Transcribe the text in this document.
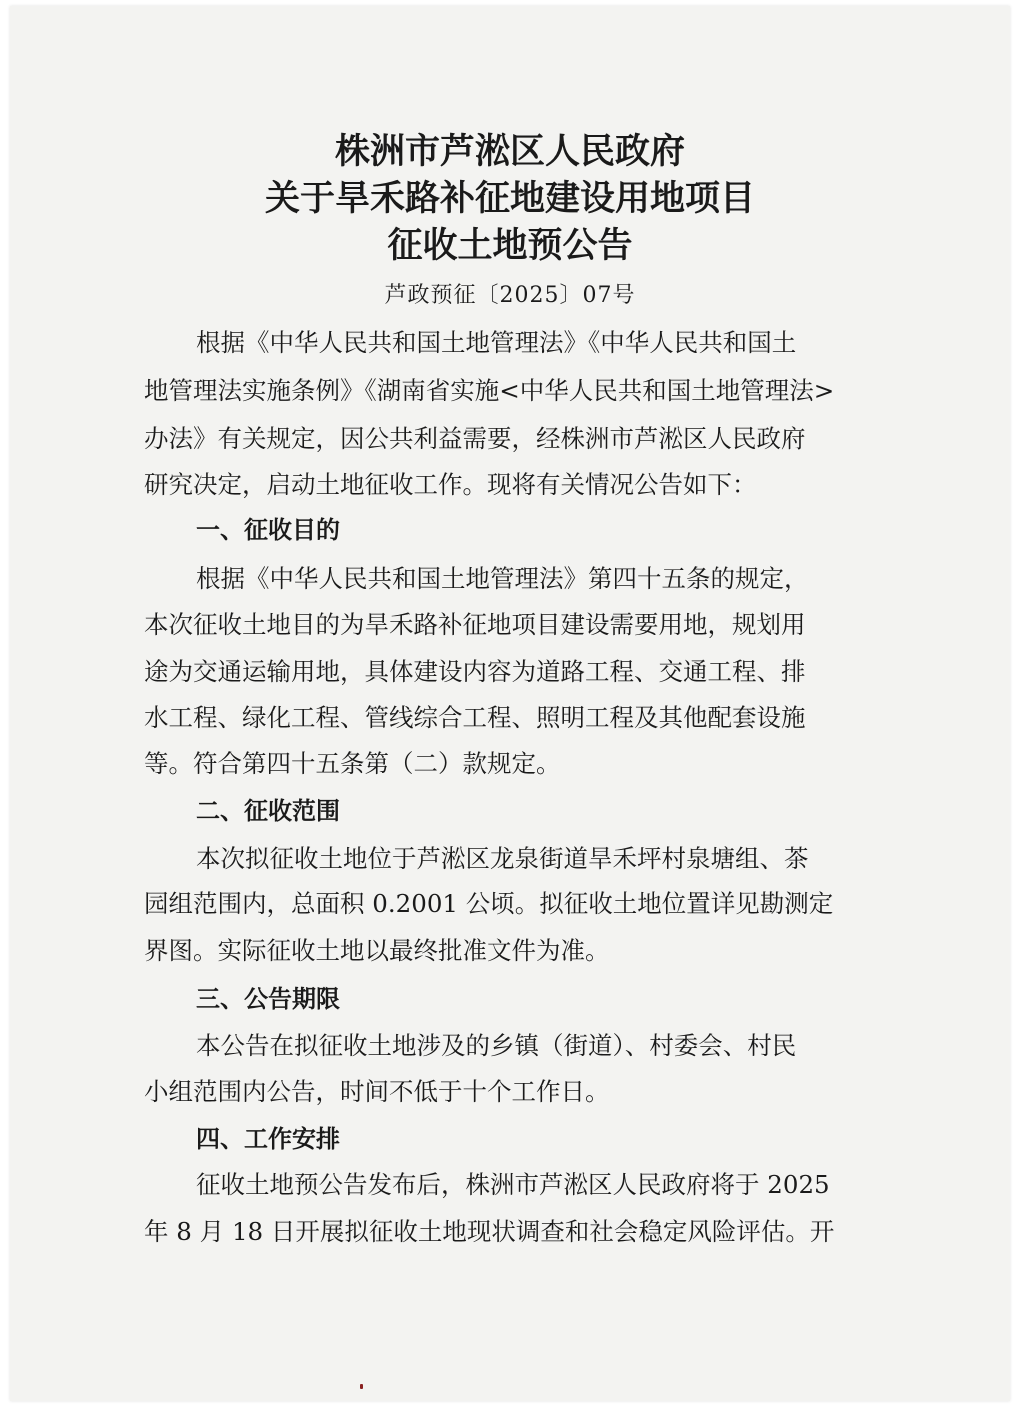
株洲市芦淞区人民政府
关于旱禾路补征地建设用地项目
征收土地预公告
芦政预征〔2025〕07号
根据《中华人民共和国土地管理法》《中华人民共和国土
地管理法实施条例》《湖南省实施<中华人民共和国土地管理法>
办法》有关规定，因公共利益需要，经株洲市芦淞区人民政府
研究决定，启动土地征收工作。现将有关情况公告如下：
一、征收目的
根据《中华人民共和国土地管理法》第四十五条的规定，
本次征收土地目的为旱禾路补征地项目建设需要用地，规划用
途为交通运输用地，具体建设内容为道路工程、交通工程、排
水工程、绿化工程、管线综合工程、照明工程及其他配套设施
等。符合第四十五条第（二）款规定。
二、征收范围
本次拟征收土地位于芦淞区龙泉街道旱禾坪村泉塘组、茶
园组范围内，总面积 0.2001 公顷。拟征收土地位置详见勘测定
界图。实际征收土地以最终批准文件为准。
三、公告期限
本公告在拟征收土地涉及的乡镇（街道）、村委会、村民
小组范围内公告，时间不低于十个工作日。
四、工作安排
征收土地预公告发布后，株洲市芦淞区人民政府将于 2025
年 8 月 18 日开展拟征收土地现状调查和社会稳定风险评估。开
